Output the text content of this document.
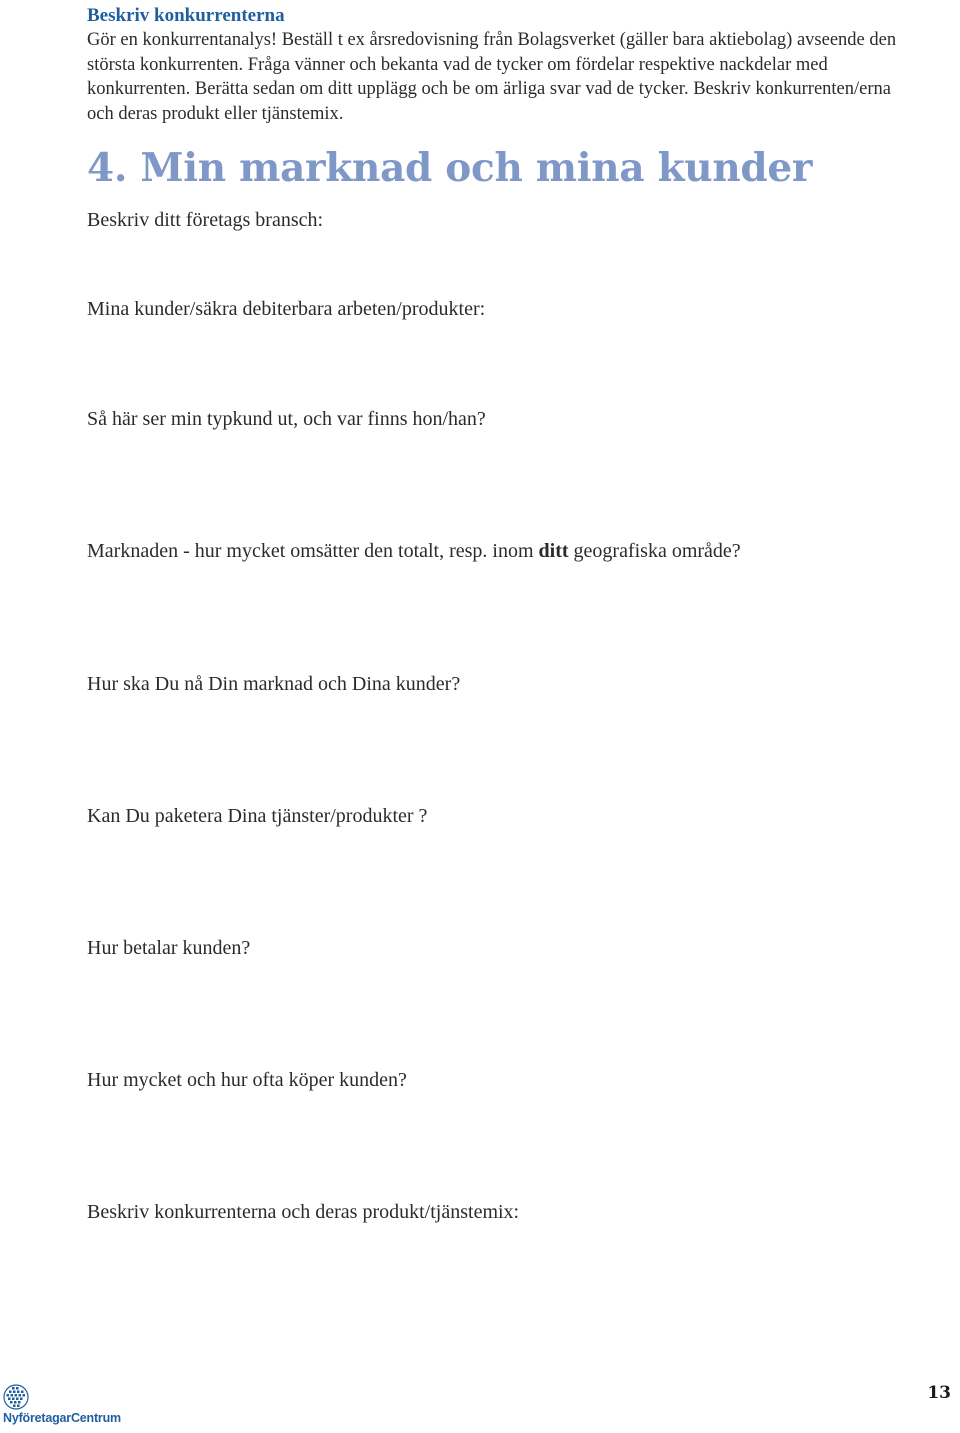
Beskriv konkurrenterna

Gör en konkurrentanalys! Beställ t ex årsredovisning från Bolagsverket (gäller bara aktiebolag) avseende den största konkurrenten. Fråga vänner och bekanta vad de tycker om fördelar respektive nackdelar med konkurrenten. Berätta sedan om ditt upplägg och be om ärliga svar vad de tycker. Beskriv konkurrenten/erna och deras produkt eller tjänstemix.

4. Min marknad och mina kunder

Beskriv ditt företags bransch:

Mina kunder/säkra debiterbara arbeten/produkter:

Så här ser min typkund ut, och var finns hon/han?

Marknaden - hur mycket omsätter den totalt, resp. inom ditt geografiska område?

Hur ska Du nå Din marknad och Dina kunder?

Kan Du paketera Dina tjänster/produkter ?

Hur betalar kunden?

Hur mycket och hur ofta köper kunden?

Beskriv konkurrenterna och deras produkt/tjänstemix:

NyföretagarCentrum
13
